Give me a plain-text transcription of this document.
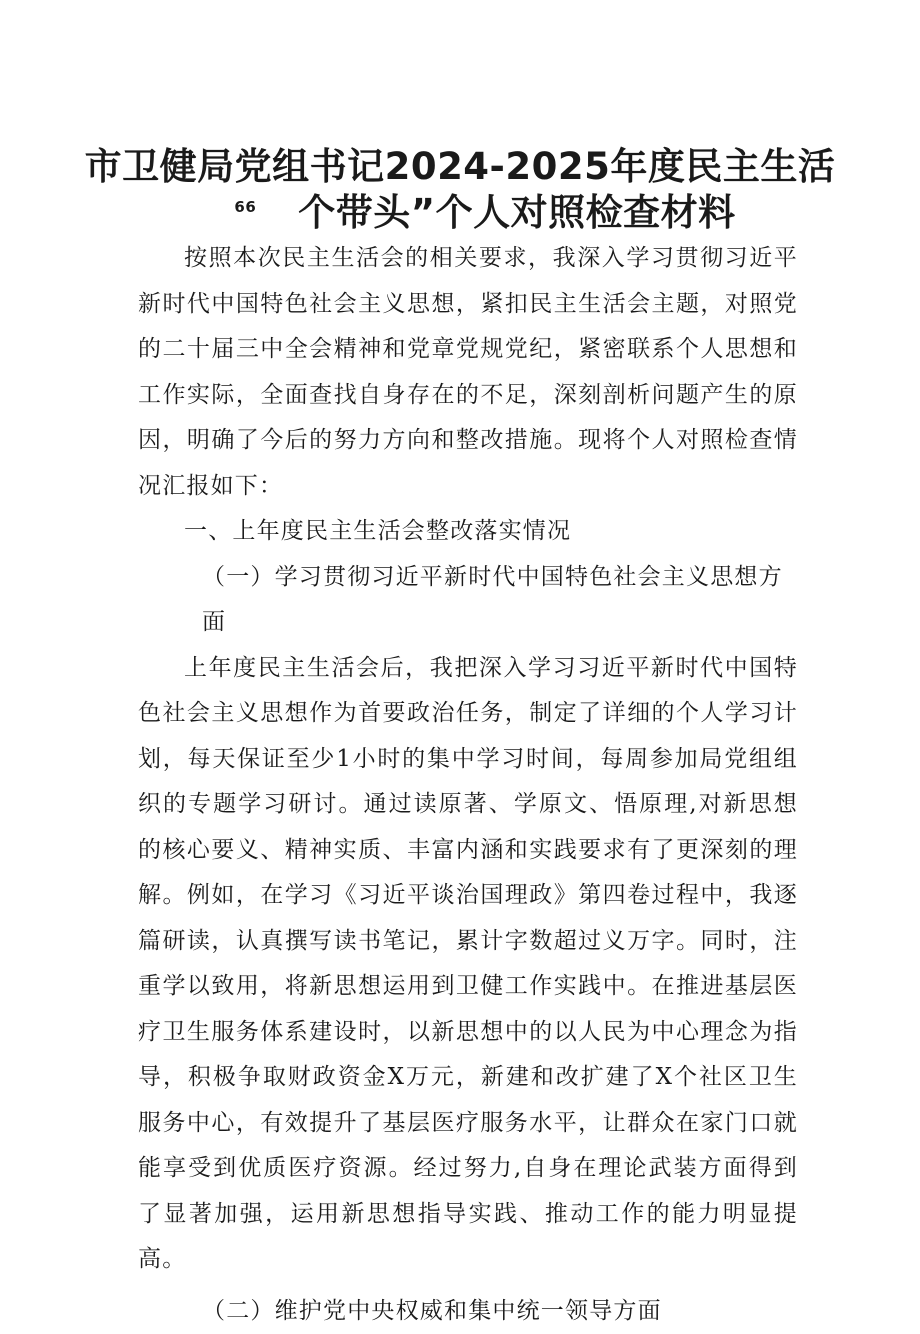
市卫健局党组书记2024-2025年度民主生活
$^{66}$ 个带头”个人对照检查材料

按照本次民主生活会的相关要求，我深入学习贯彻习近平新时代中国特色社会主义思想，紧扣民主生活会主题，对照党的二十届三中全会精神和党章党规党纪，紧密联系个人思想和工作实际，全面查找自身存在的不足，深刻剖析问题产生的原因，明确了今后的努力方向和整改措施。现将个人对照检查情况汇报如下：

一、上年度民主生活会整改落实情况

（一）学习贯彻习近平新时代中国特色社会主义思想方面

上年度民主生活会后，我把深入学习习近平新时代中国特色社会主义思想作为首要政治任务，制定了详细的个人学习计划，每天保证至少1小时的集中学习时间，每周参加局党组组织的专题学习研讨。通过读原著、学原文、悟原理,对新思想的核心要义、精神实质、丰富内涵和实践要求有了更深刻的理解。例如，在学习《习近平谈治国理政》第四卷过程中，我逐篇研读，认真撰写读书笔记，累计字数超过义万字。同时，注重学以致用，将新思想运用到卫健工作实践中。在推进基层医疗卫生服务体系建设时，以新思想中的以人民为中心理念为指导，积极争取财政资金X万元，新建和改扩建了X个社区卫生服务中心，有效提升了基层医疗服务水平，让群众在家门口就能享受到优质医疗资源。经过努力,自身在理论武装方面得到了显著加强，运用新思想指导实践、推动工作的能力明显提高。

（二）维护党中央权威和集中统一领导方面
